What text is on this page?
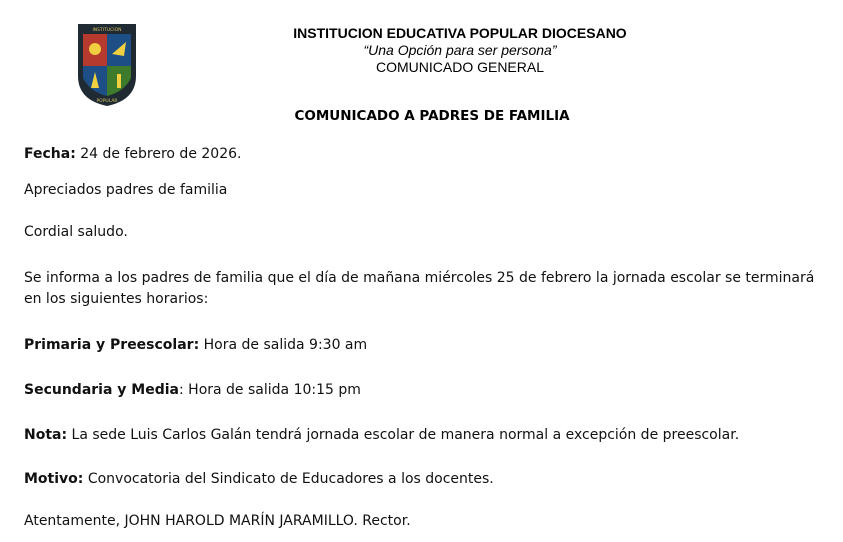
INSTITUCION
POPULAR
INSTITUCION EDUCATIVA POPULAR DIOCESANO
“Una Opción para ser persona”
COMUNICADO GENERAL
COMUNICADO A PADRES DE FAMILIA
Fecha: 24 de febrero de 2026.
Apreciados padres de familia
Cordial saludo.
Se informa a los padres de familia que el día de mañana miércoles 25 de febrero la jornada escolar se terminará
en los siguientes horarios:
Primaria y Preescolar: Hora de salida 9:30 am
Secundaria y Media: Hora de salida 10:15 pm
Nota: La sede Luis Carlos Galán tendrá jornada escolar de manera normal a excepción de preescolar.
Motivo: Convocatoria del Sindicato de Educadores a los docentes.
Atentamente, JOHN HAROLD MARÍN JARAMILLO. Rector.
